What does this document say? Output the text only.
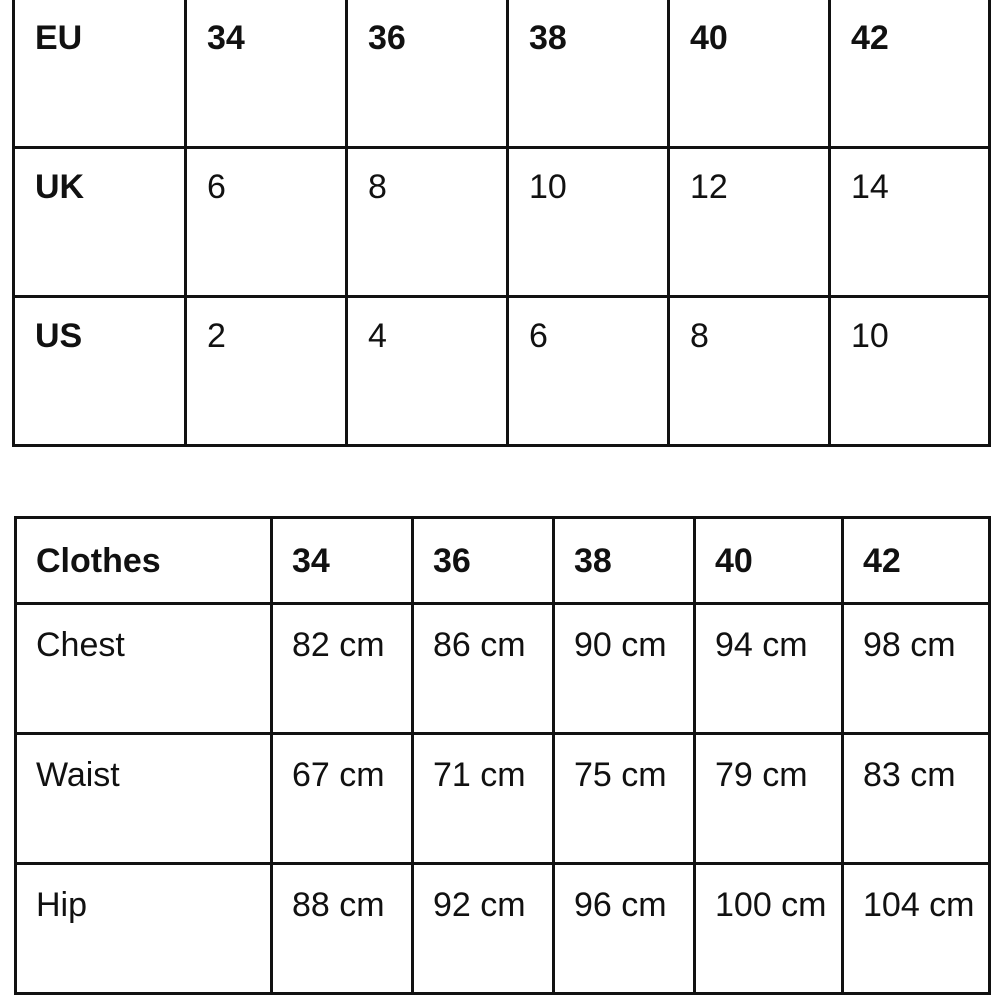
EU	34	36	38	40	42
UK	6	8	10	12	14
US	2	4	6	8	10
Clothes	34	36	38	40	42
Chest	82 cm	86 cm	90 cm	94 cm	98 cm
Waist	67 cm	71 cm	75 cm	79 cm	83 cm
Hip	88 cm	92 cm	96 cm	100 cm	104 cm
